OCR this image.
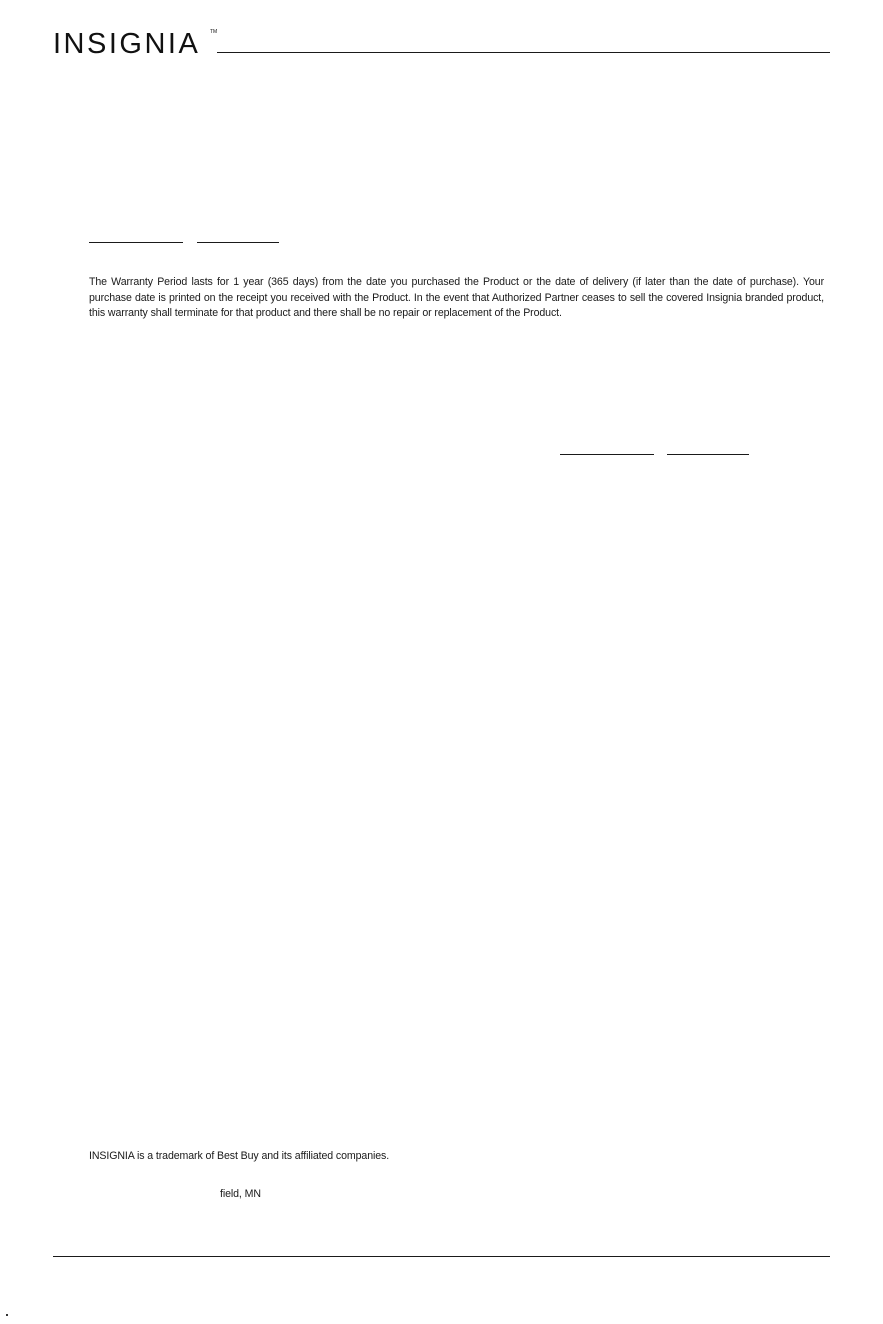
INSIGNIA TM

The Warranty Period lasts for 1 year (365 days) from the date you purchased the Product or the date of delivery (if later than the date of purchase). Your purchase date is printed on the receipt you received with the Product. In the event that Authorized Partner ceases to sell the covered Insignia branded product, this warranty shall terminate for that product and there shall be no repair or replacement of the Product.

INSIGNIA is a trademark of Best Buy and its affiliated companies.

field, MN
